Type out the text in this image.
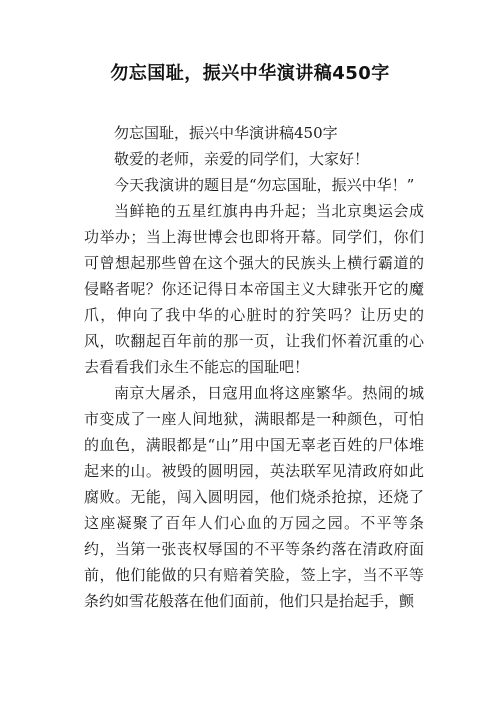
勿忘国耻，振兴中华演讲稿450字

勿忘国耻，振兴中华演讲稿450字

敬爱的老师，亲爱的同学们，大家好！

今天我演讲的题目是“勿忘国耻，振兴中华！”

当鲜艳的五星红旗冉冉升起；当北京奥运会成功举办；当上海世博会也即将开幕。同学们，你们可曾想起那些曾在这个强大的民族头上横行霸道的侵略者呢？你还记得日本帝国主义大肆张开它的魔爪，伸向了我中华的心脏时的狞笑吗？让历史的风，吹翻起百年前的那一页，让我们怀着沉重的心去看看我们永生不能忘的国耻吧！

南京大屠杀，日寇用血将这座繁华。热闹的城市变成了一座人间地狱，满眼都是一种颜色，可怕的血色，满眼都是“山”用中国无辜老百姓的尸体堆起来的山。被毁的圆明园，英法联军见清政府如此腐败。无能，闯入圆明园，他们烧杀抢掠，还烧了这座凝聚了百年人们心血的万园之园。不平等条约，当第一张丧权辱国的不平等条约落在清政府面前，他们能做的只有赔着笑脸，签上字，当不平等条约如雪花般落在他们面前，他们只是抬起手，颤
